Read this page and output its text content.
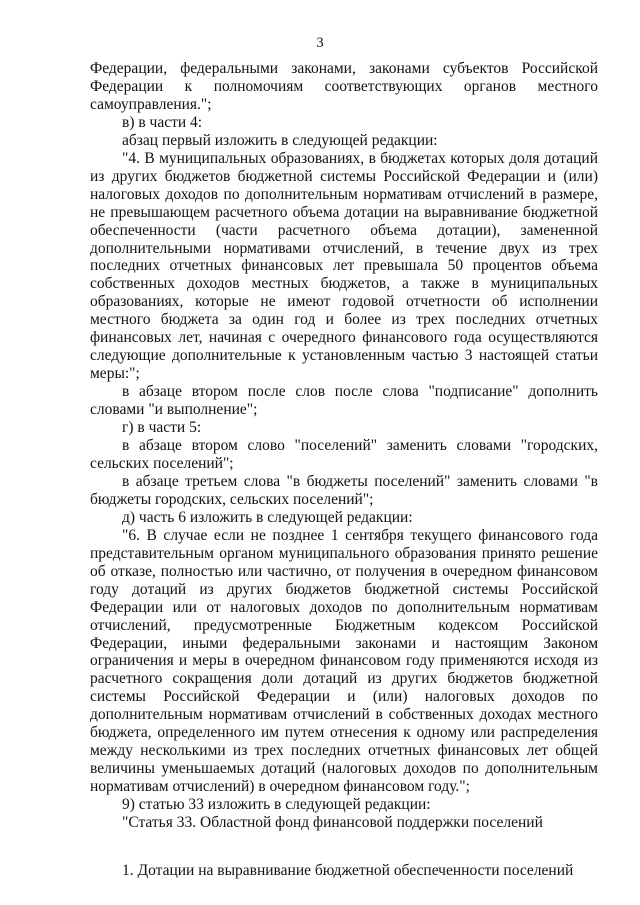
3

Федерации, федеральными законами, законами субъектов Российской Федерации к полномочиям соответствующих органов местного самоуправления.";

в) в части 4:

абзац первый изложить в следующей редакции:

"4. В муниципальных образованиях, в бюджетах которых доля дотаций из других бюджетов бюджетной системы Российской Федерации и (или) налоговых доходов по дополнительным нормативам отчислений в размере, не превышающем расчетного объема дотации на выравнивание бюджетной обеспеченности (части расчетного объема дотации), замененной дополнительными нормативами отчислений, в течение двух из трех последних отчетных финансовых лет превышала 50 процентов объема собственных доходов местных бюджетов, а также в муниципальных образованиях, которые не имеют годовой отчетности об исполнении местного бюджета за один год и более из трех последних отчетных финансовых лет, начиная с очередного финансового года осуществляются следующие дополнительные к установленным частью 3 настоящей статьи меры:";

в абзаце втором после слов после слова "подписание" дополнить словами "и выполнение";

г) в части 5:

в абзаце втором слово "поселений" заменить словами "городских, сельских поселений";

в абзаце третьем слова "в бюджеты поселений" заменить словами "в бюджеты городских, сельских поселений";

д) часть 6 изложить в следующей редакции:

"6. В случае если не позднее 1 сентября текущего финансового года представительным органом муниципального образования принято решение об отказе, полностью или частично, от получения в очередном финансовом году дотаций из других бюджетов бюджетной системы Российской Федерации или от налоговых доходов по дополнительным нормативам отчислений, предусмотренные Бюджетным кодексом Российской Федерации, иными федеральными законами и настоящим Законом ограничения и меры в очередном финансовом году применяются исходя из расчетного сокращения доли дотаций из других бюджетов бюджетной системы Российской Федерации и (или) налоговых доходов по дополнительным нормативам отчислений в собственных доходах местного бюджета, определенного им путем отнесения к одному или распределения между несколькими из трех последних отчетных финансовых лет общей величины уменьшаемых дотаций (налоговых доходов по дополнительным нормативам отчислений) в очередном финансовом году.";

9) статью 33 изложить в следующей редакции:

"Статья 33. Областной фонд финансовой поддержки поселений

1. Дотации на выравнивание бюджетной обеспеченности поселений
